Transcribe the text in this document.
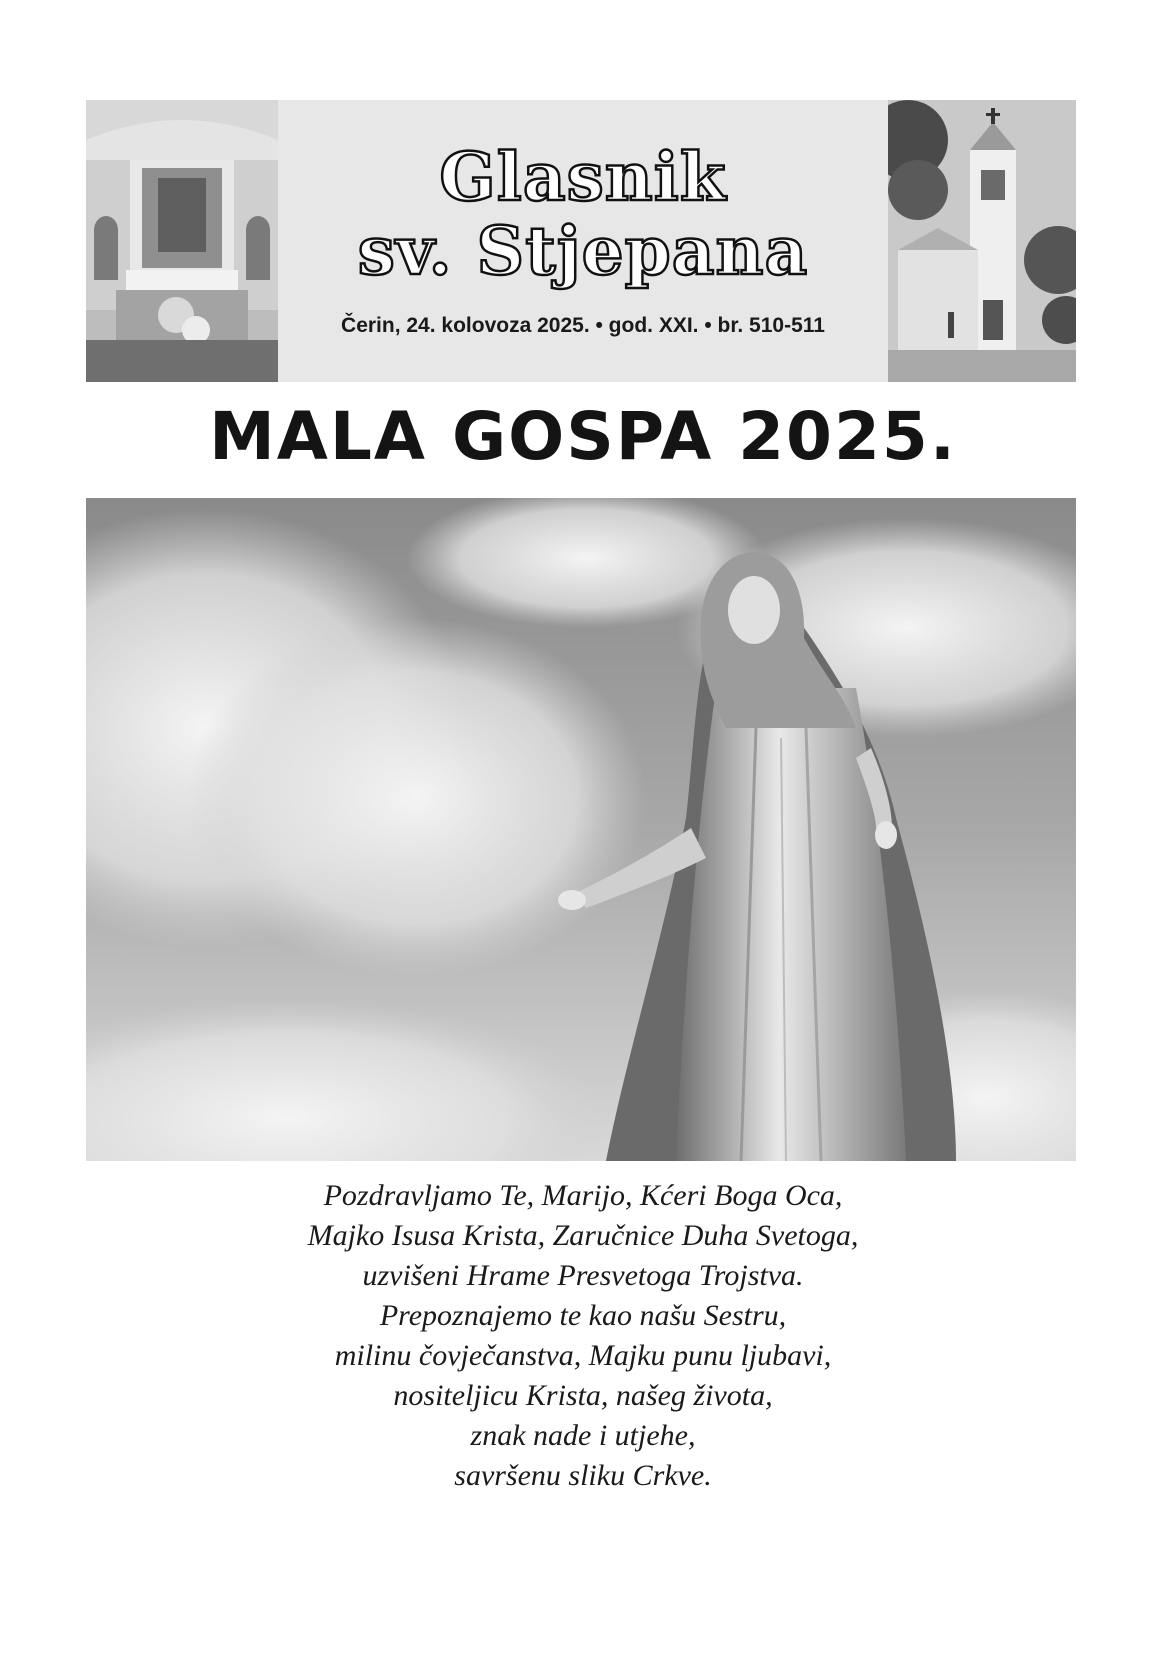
Glasnik
sv. Stjepana
Čerin, 24. kolovoza 2025. • god. XXI. • br. 510-511
MALA GOSPA 2025.
Pozdravljamo Te, Marijo, Kćeri Boga Oca,
Majko Isusa Krista, Zaručnice Duha Svetoga,
uzvišeni Hrame Presvetoga Trojstva.
Prepoznajemo te kao našu Sestru,
milinu čovječanstva, Majku punu ljubavi,
nositeljicu Krista, našeg života,
znak nade i utjehe,
savršenu sliku Crkve.
